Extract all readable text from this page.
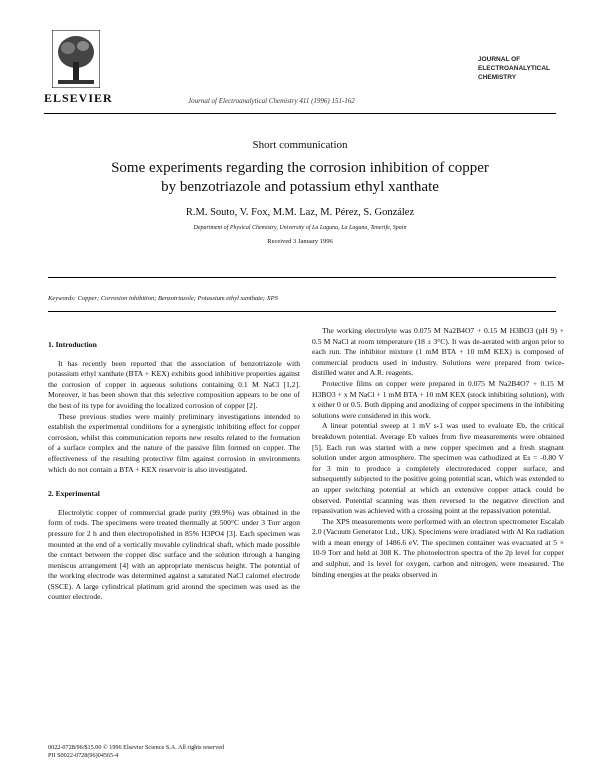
ELSEVIER	Journal of Electroanalytical Chemistry 411 (1996) 151-162
JOURNAL OF ELECTROANALYTICAL
CHEMISTRY
Short communication
Some experiments regarding the corrosion inhibition of copper
by benzotriazole and potassium ethyl xanthate
R.M. Souto, V. Fox, M.M. Laz, M. Pérez, S. González
Department of Physical Chemistry, University of La Laguna, La Laguna, Tenerife, Spain
Received 3 January 1996
Keywords: Copper; Corrosion inhibition; Benzotriazole; Potassium ethyl xanthate; XPS
1. Introduction

It has recently been reported that the association of benzotriazole with potassium ethyl xanthate (BTA + KEX) exhibits good inhibitive properties against the corrosion of copper in aqueous solutions containing 0.1 M NaCl [1,2]. Moreover, it has been shown that this selective composition appears to be one of the best of its type for avoiding the localized corrosion of copper [2].

These previous studies were mainly preliminary investigations intended to establish the experimental conditions for a synergistic inhibiting effect for copper corrosion, whilst this communication reports new results related to the formation of a surface complex and the nature of the passive film formed on copper. The effectiveness of the resulting protective film against corrosion in environments which do not contain a BTA + KEX reservoir is also investigated.

2. Experimental

Electrolytic copper of commercial grade purity (99.9%) was obtained in the form of rods. The specimens were treated thermally at 500°C under 3 Torr argon pressure for 2 h and then electropolished in 85% H3PO4 [3]. Each specimen was mounted at the end of a vertically movable cylindrical shaft, which made possible the contact between the copper disc surface and the solution through a hanging meniscus arrangement [4] with an appropriate meniscus height. The potential of the working electrode was determined against a saturated NaCl calomel electrode (SSCE). A large cylindrical platinum grid around the specimen was used as the counter electrode.

The working electrolyte was 0.075 M Na2B4O7 + 0.15 M H3BO3 (pH 9) + 0.5 M NaCl at room temperature (18 ± 3°C). It was de-aerated with argon prior to each run. The inhibitor mixture (1 mM BTA + 10 mM KEX) is composed of commercial products used in industry. Solutions were prepared from twice-distilled water and A.R. reagents.

Protective films on copper were prepared in 0.075 M Na2B4O7 + 0.15 M H3BO3 + x M NaCl + 1 mM BTA + 10 mM KEX (stock inhibiting solution), with x either 0 or 0.5. Both dipping and anodizing of copper specimens in the inhibiting solutions were considered in this work.

A linear potential sweep at 1 mV s-1 was used to evaluate Eb, the critical breakdown potential. Average Eb values from five measurements were obtained [5]. Each run was started with a new copper specimen and a fresh stagnant solution under argon atmosphere. The specimen was cathodized at Es = -0.80 V for 3 min to produce a completely electroreduced copper surface, and subsequently subjected to the positive going potential scan, which was extended to an upper switching potential at which an extensive copper attack could be observed. Potential scanning was then reversed to the negative direction and repassivation was achieved with a crossing point at the repassivation potential.

The XPS measurements were performed with an electron spectrometer Escalab 2.0 (Vacuum Generator Ltd., UK). Specimens were irradiated with Al Kα radiation with a mean energy of 1486.6 eV. The specimen container was evacuated at 5 × 10-9 Torr and held at 308 K. The photoelectron spectra of the 2p level for copper and sulphur, and 1s level for oxygen, carbon and nitrogen, were measured. The binding energies at the peaks observed in

0022-0728/96/$15.00 © 1996 Elsevier Science S.A. All rights reserved
PII S0022-0728(96)04565-4
